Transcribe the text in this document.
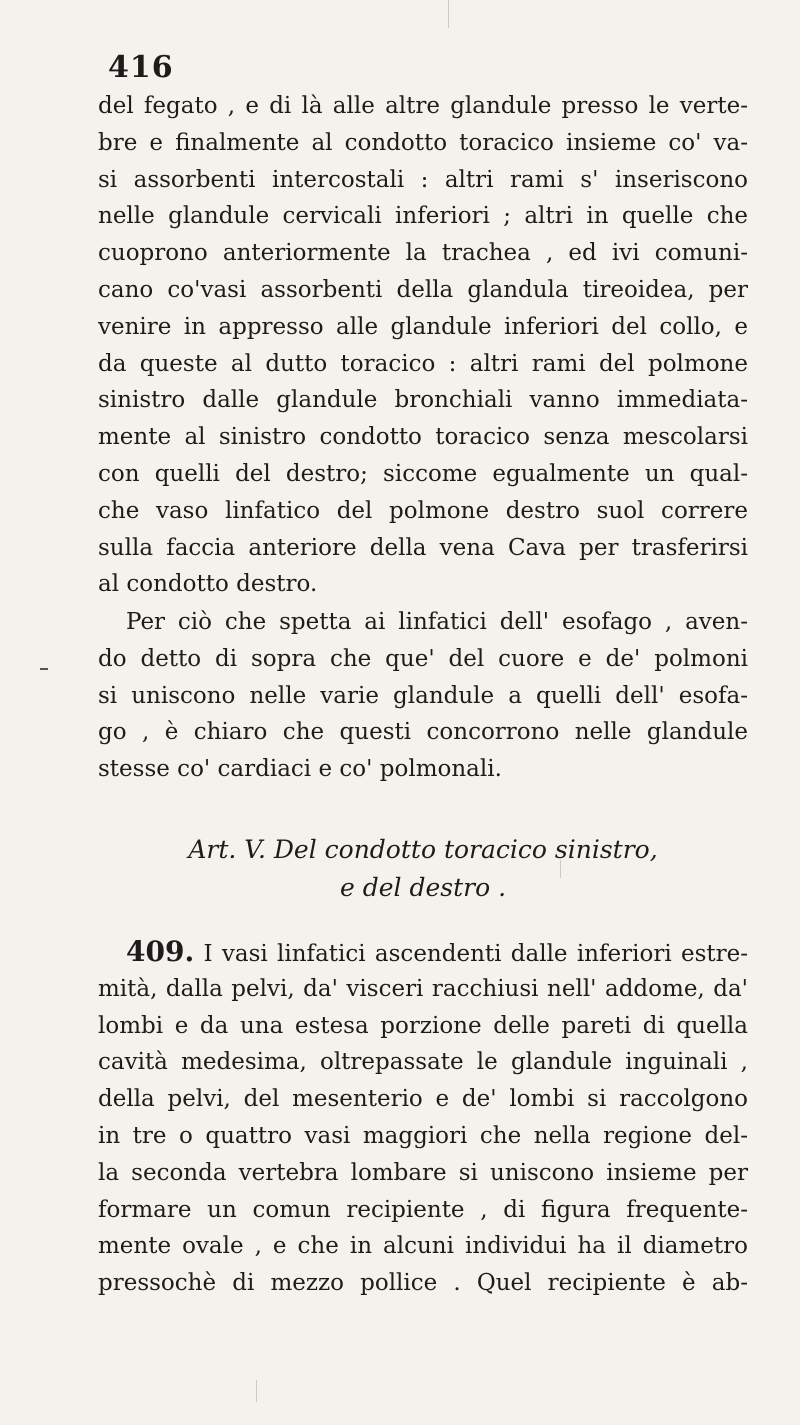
416
del fegato , e di là alle altre glandule presso le verte-
bre e finalmente al condotto toracico insieme co' va-
si assorbenti intercostali : altri rami s' inseriscono
nelle glandule cervicali inferiori ; altri in quelle che
cuoprono anteriormente la trachea , ed ivi comuni-
cano co'vasi assorbenti della glandula tireoidea, per
venire in appresso alle glandule inferiori del collo, e
da queste al dutto toracico : altri rami del polmone
sinistro dalle glandule bronchiali vanno immediata-
mente al sinistro condotto toracico senza mescolarsi
con quelli del destro; siccome egualmente un qual-
che vaso linfatico del polmone destro suol correre
sulla faccia anteriore della vena Cava per trasferirsi
al condotto destro.
Per ciò che spetta ai linfatici dell' esofago , aven-
do detto di sopra che que' del cuore e de' polmoni
si uniscono nelle varie glandule a quelli dell' esofa-
go , è chiaro che questi concorrono nelle glandule
stesse co' cardiaci e co' polmonali.
Art. V. Del condotto toracico sinistro,
e del destro .
409. I vasi linfatici ascendenti dalle inferiori estre-
mità, dalla pelvi, da' visceri racchiusi nell' addome, da'
lombi e da una estesa porzione delle pareti di quella
cavità medesima, oltrepassate le glandule inguinali ,
della pelvi, del mesenterio e de' lombi si raccolgono
in tre o quattro vasi maggiori che nella regione del-
la seconda vertebra lombare si uniscono insieme per
formare un comun recipiente , di figura frequente-
mente ovale , e che in alcuni individui ha il diametro
pressochè di mezzo pollice . Quel recipiente è ab-
